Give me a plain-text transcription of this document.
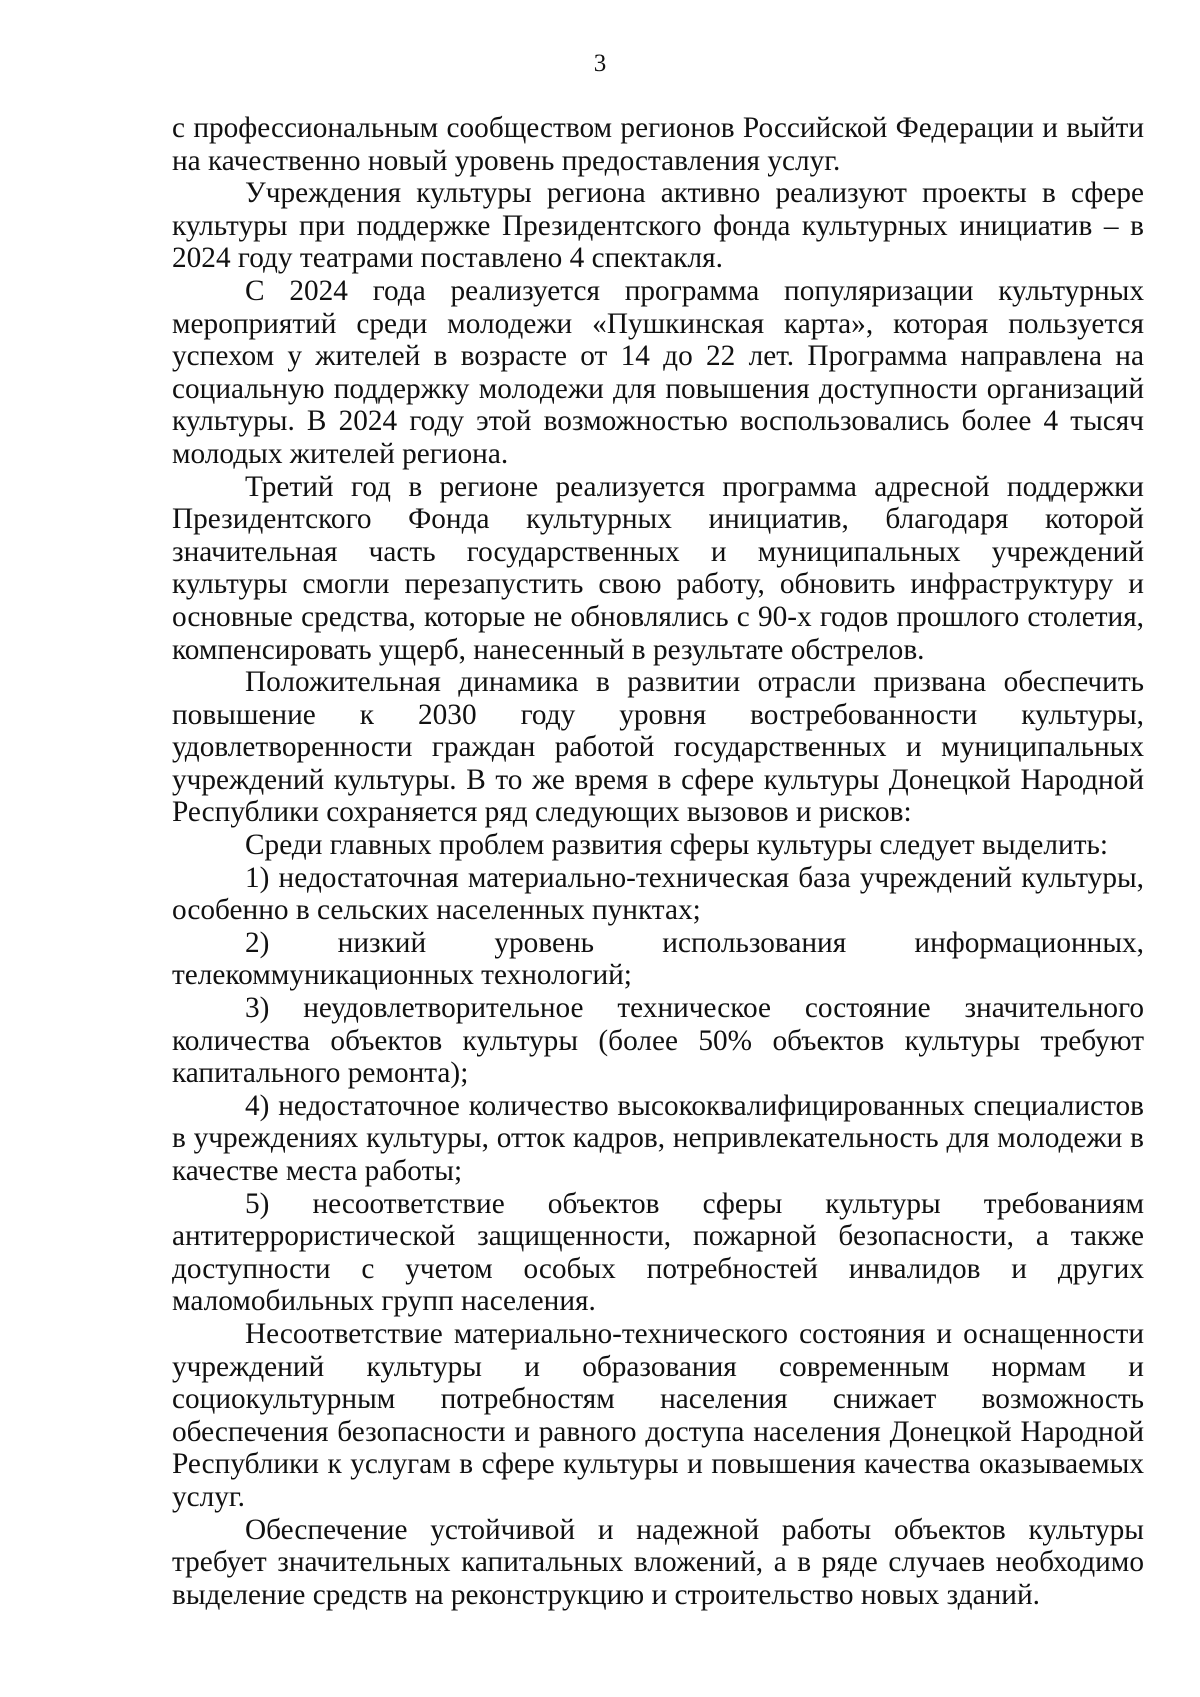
3

с профессиональным сообществом регионов Российской Федерации и выйти на качественно новый уровень предоставления услуг.

Учреждения культуры региона активно реализуют проекты в сфере культуры при поддержке Президентского фонда культурных инициатив – в 2024 году театрами поставлено 4 спектакля.

С 2024 года реализуется программа популяризации культурных мероприятий среди молодежи «Пушкинская карта», которая пользуется успехом у жителей в возрасте от 14 до 22 лет. Программа направлена на социальную поддержку молодежи для повышения доступности организаций культуры. В 2024 году этой возможностью воспользовались более 4 тысяч молодых жителей региона.

Третий год в регионе реализуется программа адресной поддержки Президентского Фонда культурных инициатив, благодаря которой значительная часть государственных и муниципальных учреждений культуры смогли перезапустить свою работу, обновить инфраструктуру и основные средства, которые не обновлялись с 90-х годов прошлого столетия, компенсировать ущерб, нанесенный в результате обстрелов.

Положительная динамика в развитии отрасли призвана обеспечить повышение к 2030 году уровня востребованности культуры, удовлетворенности граждан работой государственных и муниципальных учреждений культуры. В то же время в сфере культуры Донецкой Народной Республики сохраняется ряд следующих вызовов и рисков:

Среди главных проблем развития сферы культуры следует выделить:

1) недостаточная материально-техническая база учреждений культуры, особенно в сельских населенных пунктах;

2) низкий уровень использования информационных, телекоммуникационных технологий;

3) неудовлетворительное техническое состояние значительного количества объектов культуры (более 50% объектов культуры требуют капитального ремонта);

4) недостаточное количество высококвалифицированных специалистов в учреждениях культуры, отток кадров, непривлекательность для молодежи в качестве места работы;

5) несоответствие объектов сферы культуры требованиям антитеррористической защищенности, пожарной безопасности, а также доступности с учетом особых потребностей инвалидов и других маломобильных групп населения.

Несоответствие материально-технического состояния и оснащенности учреждений культуры и образования современным нормам и социокультурным потребностям населения снижает возможность обеспечения безопасности и равного доступа населения Донецкой Народной Республики к услугам в сфере культуры и повышения качества оказываемых услуг.

Обеспечение устойчивой и надежной работы объектов культуры требует значительных капитальных вложений, а в ряде случаев необходимо выделение средств на реконструкцию и строительство новых зданий.
